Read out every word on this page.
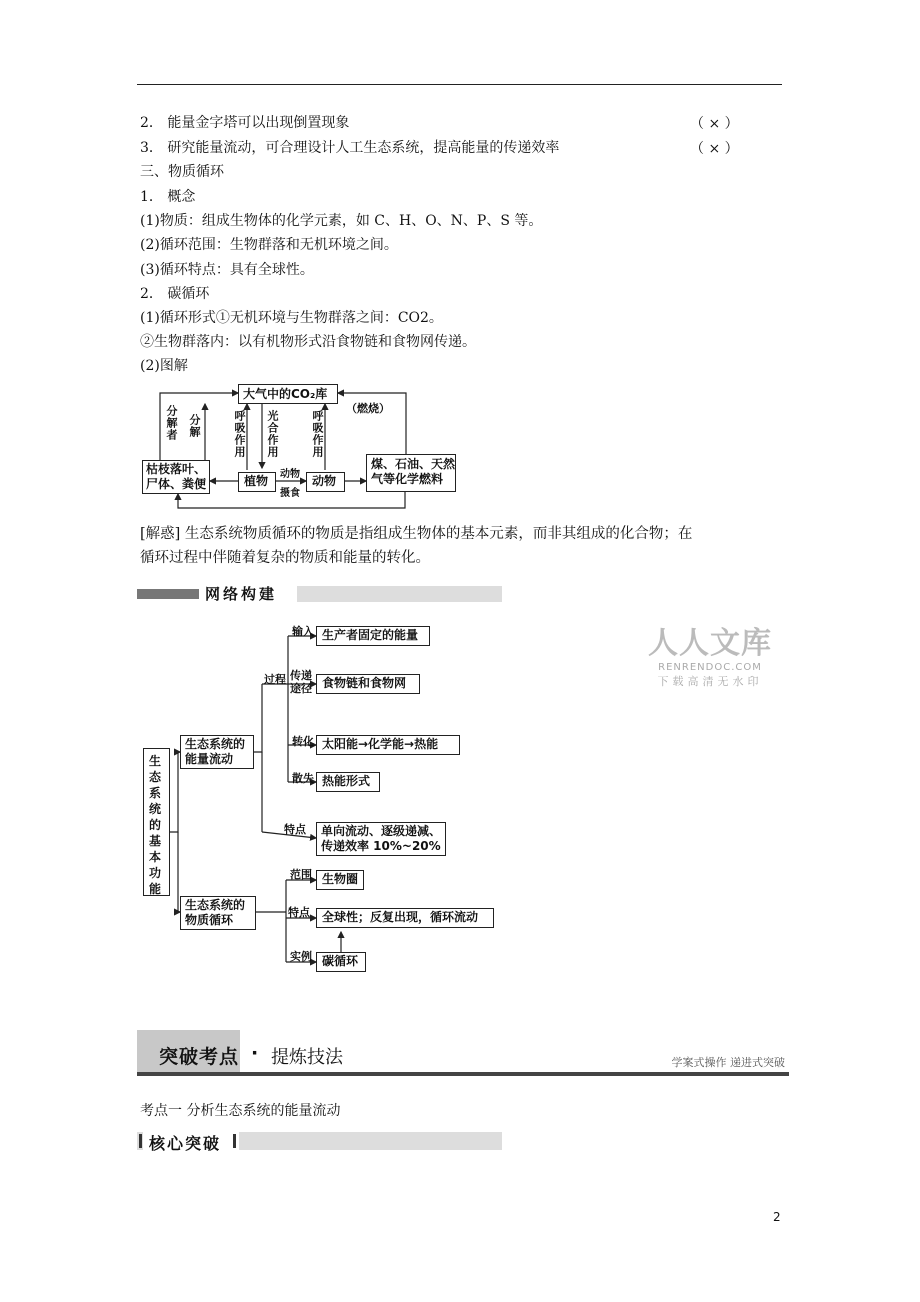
2． 能量金字塔可以出现倒置现象	（ × ）
3． 研究能量流动，可合理设计人工生态系统，提高能量的传递效率	（ × ）
三、物质循环
1． 概念
(1)物质：组成生物体的化学元素，如 C、H、O、N、P、S 等。
(2)循环范围：生物群落和无机环境之间。
(3)循环特点：具有全球性。
2． 碳循环
(1)循环形式①无机环境与生物群落之间：CO2。
②生物群落内：以有机物形式沿食物链和食物网传递。
(2)图解
大气中的CO₂库
（燃烧）
分解者 分解	呼吸作用 光合作用	呼吸作用
枯枝落叶、
尸体、粪便	植物	动物
摄食
动物
煤、石油、天然
气等化学燃料
[解惑] 生态系统物质循环的物质是指组成生物体的基本元素，而非其组成的化合物；在
循环过程中伴随着复杂的物质和能量的转化。
网络构建
人人文库
RENRENDOC.COM
下载高清无水印
生态系统的基本功能
生态系统的
能量流动
过程
输入 生产者固定的能量
传递
途径 食物链和食物网
转化 太阳能→化学能→热能
散失 热能形式
特点 单向流动、逐级递减、
传递效率 10%~20%
生态系统的
物质循环
范围 生物圈
特点	全球性；反复出现，循环流动
实例 碳循环
突破考点 · 提炼技法	学案式操作 递进式突破
考点一 分析生态系统的能量流动
核心突破
2
